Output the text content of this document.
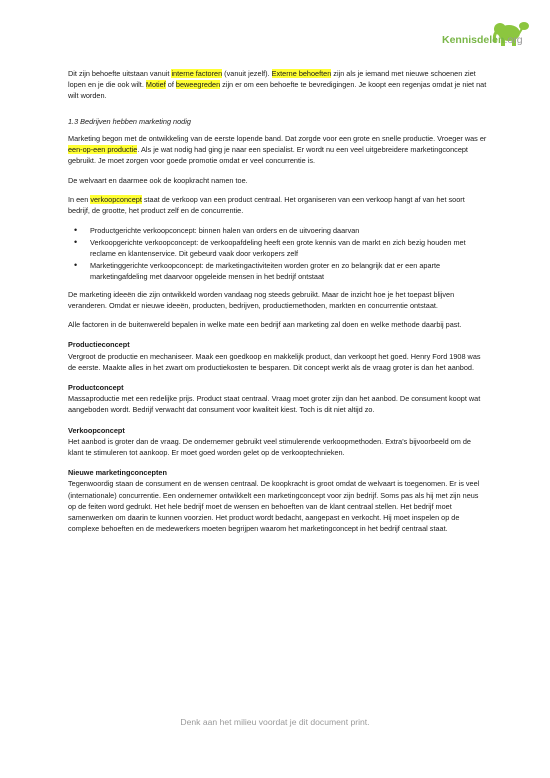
Kennisdelen.org

Dit zijn behoefte uitstaan vanuit interne factoren (vanuit jezelf). Externe behoeften zijn als je iemand met nieuwe schoenen ziet lopen en je die ook wilt. Motief of beweegreden zijn er om een behoefte te bevredigingen. Je koopt een regenjas omdat je niet nat wilt worden.

1.3 Bedrijven hebben marketing nodig

Marketing begon met de ontwikkeling van de eerste lopende band. Dat zorgde voor een grote en snelle productie. Vroeger was er een-op-een productie. Als je wat nodig had ging je naar een specialist. Er wordt nu een veel uitgebreidere marketingconcept gebruikt. Je moet zorgen voor goede promotie omdat er veel concurrentie is.

De welvaart en daarmee ook de koopkracht namen toe.

In een verkoopconcept staat de verkoop van een product centraal. Het organiseren van een verkoop hangt af van het soort bedrijf, de grootte, het product zelf en de concurrentie.

• Productgerichte verkoopconcept: binnen halen van orders en de uitvoering daarvan
• Verkoopgerichte verkoopconcept: de verkoopafdeling heeft een grote kennis van de markt en zich bezig houden met reclame en klantenservice. Dit gebeurd vaak door verkopers zelf
• Marketinggerichte verkoopconcept: de marketingactiviteiten worden groter en zo belangrijk dat er een aparte marketingafdeling met daarvoor opgeleide mensen in het bedrijf ontstaat

De marketing ideeën die zijn ontwikkeld worden vandaag nog steeds gebruikt. Maar de inzicht hoe je het toepast blijven veranderen. Omdat er nieuwe ideeën, producten, bedrijven, productiemethoden, markten en concurrentie ontstaat.

Alle factoren in de buitenwereld bepalen in welke mate een bedrijf aan marketing zal doen en welke methode daarbij past.

Productieconcept

Vergroot de productie en mechaniseer. Maak een goedkoop en makkelijk product, dan verkoopt het goed. Henry Ford 1908 was de eerste. Maakte alles in het zwart om productiekosten te besparen. Dit concept werkt als de vraag groter is dan het aanbod.

Productconcept

Massaproductie met een redelijke prijs. Product staat centraal. Vraag moet groter zijn dan het aanbod. De consument koopt wat aangeboden wordt. Bedrijf verwacht dat consument voor kwaliteit kiest. Toch is dit niet altijd zo.

Verkoopconcept

Het aanbod is groter dan de vraag. De ondernemer gebruikt veel stimulerende verkoopmethoden. Extra's bijvoorbeeld om de klant te stimuleren tot aankoop. Er moet goed worden gelet op de verkooptechnieken.

Nieuwe marketingconcepten

Tegenwoordig staan de consument en de wensen centraal. De koopkracht is groot omdat de welvaart is toegenomen. Er is veel (internationale) concurrentie. Een ondernemer ontwikkelt een marketingconcept voor zijn bedrijf. Soms pas als hij met zijn neus op de feiten word gedrukt. Het hele bedrijf moet de wensen en behoeften van de klant centraal stellen. Het bedrijf moet samenwerken om daarin te kunnen voorzien. Het product wordt bedacht, aangepast en verkocht. Hij moet inspelen op de complexe behoeften en de medewerkers moeten begrijpen waarom het marketingconcept in het bedrijf centraal staat.

Denk aan het milieu voordat je dit document print.
